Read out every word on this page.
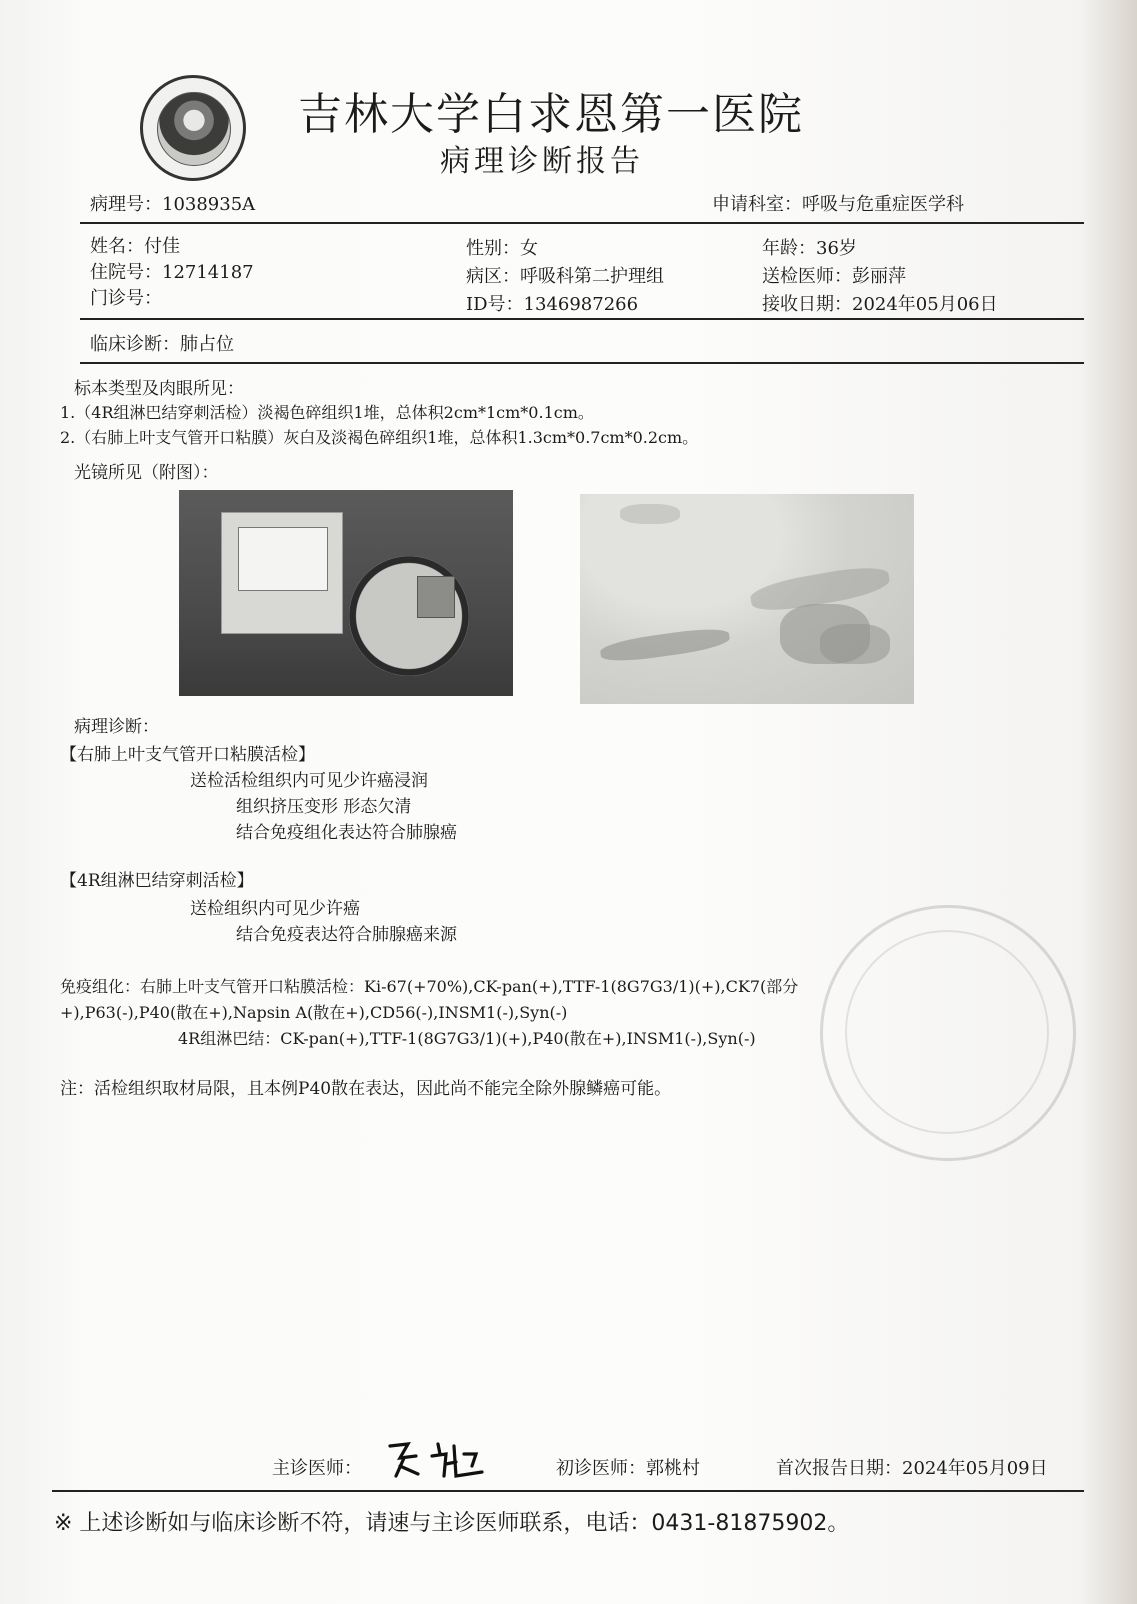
吉林大学白求恩第一医院
病理诊断报告
病理号：1038935A	申请科室：呼吸与危重症医学科
姓名：付佳	性别：女	年龄：36岁
住院号：12714187	病区：呼吸科第二护理组	送检医师：彭丽萍
门诊号：	ID号：1346987266	接收日期：2024年05月06日
临床诊断：肺占位
标本类型及肉眼所见：
1.（4R组淋巴结穿刺活检）淡褐色碎组织1堆，总体积2cm*1cm*0.1cm。
2.（右肺上叶支气管开口粘膜）灰白及淡褐色碎组织1堆，总体积1.3cm*0.7cm*0.2cm。
光镜所见（附图）：
病理诊断：
【右肺上叶支气管开口粘膜活检】
送检活检组织内可见少许癌浸润
组织挤压变形 形态欠清
结合免疫组化表达符合肺腺癌
【4R组淋巴结穿刺活检】
送检组织内可见少许癌
结合免疫表达符合肺腺癌来源
免疫组化：右肺上叶支气管开口粘膜活检：Ki-67(+70%),CK-pan(+),TTF-1(8G7G3/1)(+),CK7(部分
+),P63(-),P40(散在+),Napsin A(散在+),CD56(-),INSM1(-),Syn(-)
4R组淋巴结：CK-pan(+),TTF-1(8G7G3/1)(+),P40(散在+),INSM1(-),Syn(-)
注：活检组织取材局限，且本例P40散在表达，因此尚不能完全除外腺鳞癌可能。
主诊医师：	初诊医师：郭桃村	首次报告日期：2024年05月09日
※ 上述诊断如与临床诊断不符，请速与主诊医师联系，电话：0431-81875902。
